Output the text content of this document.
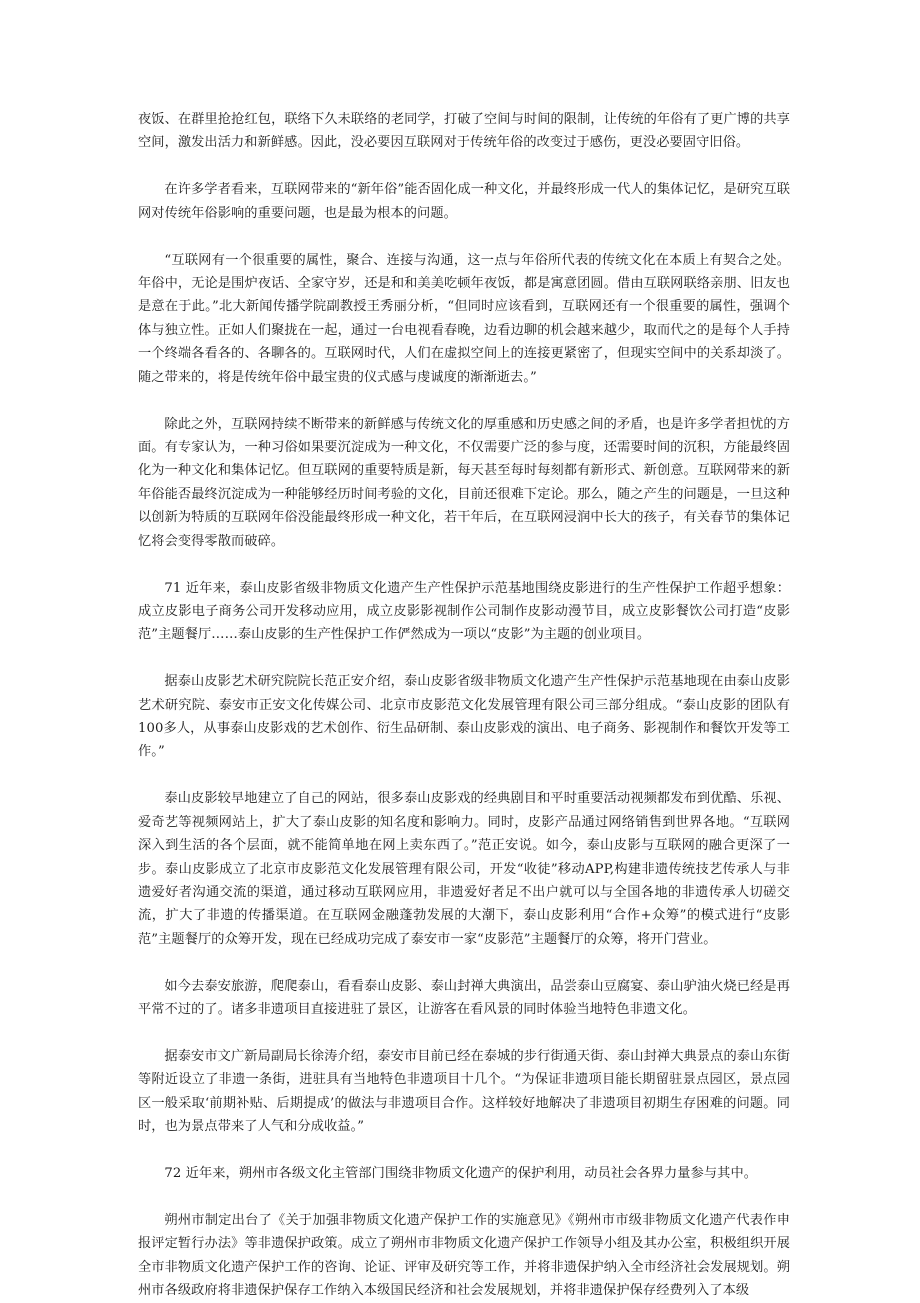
夜饭、在群里抢抢红包，联络下久未联络的老同学，打破了空间与时间的限制，让传统的年俗有了更广博的共享空间，激发出活力和新鲜感。因此，没必要因互联网对于传统年俗的改变过于感伤，更没必要固守旧俗。

在许多学者看来，互联网带来的“新年俗”能否固化成一种文化，并最终形成一代人的集体记忆，是研究互联网对传统年俗影响的重要问题，也是最为根本的问题。

“互联网有一个很重要的属性，聚合、连接与沟通，这一点与年俗所代表的传统文化在本质上有契合之处。年俗中，无论是围炉夜话、全家守岁，还是和和美美吃顿年夜饭，都是寓意团圆。借由互联网联络亲朋、旧友也是意在于此。”北大新闻传播学院副教授王秀丽分析，“但同时应该看到，互联网还有一个很重要的属性，强调个体与独立性。正如人们聚拢在一起，通过一台电视看春晚，边看边聊的机会越来越少，取而代之的是每个人手持一个终端各看各的、各聊各的。互联网时代，人们在虚拟空间上的连接更紧密了，但现实空间中的关系却淡了。随之带来的，将是传统年俗中最宝贵的仪式感与虔诚度的渐渐逝去。”

除此之外，互联网持续不断带来的新鲜感与传统文化的厚重感和历史感之间的矛盾，也是许多学者担忧的方面。有专家认为，一种习俗如果要沉淀成为一种文化，不仅需要广泛的参与度，还需要时间的沉积，方能最终固化为一种文化和集体记忆。但互联网的重要特质是新，每天甚至每时每刻都有新形式、新创意。互联网带来的新年俗能否最终沉淀成为一种能够经历时间考验的文化，目前还很难下定论。那么，随之产生的问题是，一旦这种以创新为特质的互联网年俗没能最终形成一种文化，若干年后，在互联网浸润中长大的孩子，有关春节的集体记忆将会变得零散而破碎。

71 近年来，泰山皮影省级非物质文化遗产生产性保护示范基地围绕皮影进行的生产性保护工作超乎想象：成立皮影电子商务公司开发移动应用，成立皮影影视制作公司制作皮影动漫节目，成立皮影餐饮公司打造“皮影范”主题餐厅……泰山皮影的生产性保护工作俨然成为一项以“皮影”为主题的创业项目。

据泰山皮影艺术研究院院长范正安介绍，泰山皮影省级非物质文化遗产生产性保护示范基地现在由泰山皮影艺术研究院、泰安市正安文化传媒公司、北京市皮影范文化发展管理有限公司三部分组成。“泰山皮影的团队有100多人，从事泰山皮影戏的艺术创作、衍生品研制、泰山皮影戏的演出、电子商务、影视制作和餐饮开发等工作。”

泰山皮影较早地建立了自己的网站，很多泰山皮影戏的经典剧目和平时重要活动视频都发布到优酷、乐视、爱奇艺等视频网站上，扩大了泰山皮影的知名度和影响力。同时，皮影产品通过网络销售到世界各地。“互联网深入到生活的各个层面，就不能简单地在网上卖东西了。”范正安说。如今，泰山皮影与互联网的融合更深了一步。泰山皮影成立了北京市皮影范文化发展管理有限公司，开发“收徒”移动APP,构建非遗传统技艺传承人与非遗爱好者沟通交流的渠道，通过移动互联网应用，非遗爱好者足不出户就可以与全国各地的非遗传承人切磋交流，扩大了非遗的传播渠道。在互联网金融蓬勃发展的大潮下，泰山皮影利用“合作+众筹”的模式进行“皮影范”主题餐厅的众筹开发，现在已经成功完成了泰安市一家“皮影范”主题餐厅的众筹，将开门营业。

如今去泰安旅游，爬爬泰山，看看泰山皮影、泰山封禅大典演出，品尝泰山豆腐宴、泰山驴油火烧已经是再平常不过的了。诸多非遗项目直接进驻了景区，让游客在看风景的同时体验当地特色非遗文化。

据泰安市文广新局副局长徐涛介绍，泰安市目前已经在泰城的步行街通天街、泰山封禅大典景点的泰山东街等附近设立了非遗一条街，进驻具有当地特色非遗项目十几个。“为保证非遗项目能长期留驻景点园区，景点园区一般采取‘前期补贴、后期提成’的做法与非遗项目合作。这样较好地解决了非遗项目初期生存困难的问题。同时，也为景点带来了人气和分成收益。”

72 近年来，朔州市各级文化主管部门围绕非物质文化遗产的保护利用，动员社会各界力量参与其中。

朔州市制定出台了《关于加强非物质文化遗产保护工作的实施意见》《朔州市市级非物质文化遗产代表作申报评定暂行办法》等非遗保护政策。成立了朔州市非物质文化遗产保护工作领导小组及其办公室，积极组织开展全市非物质文化遗产保护工作的咨询、论证、评审及研究等工作，并将非遗保护纳入全市经济社会发展规划。朔州市各级政府将非遗保护保存工作纳入本级国民经济和社会发展规划，并将非遗保护保存经费列入了本级
